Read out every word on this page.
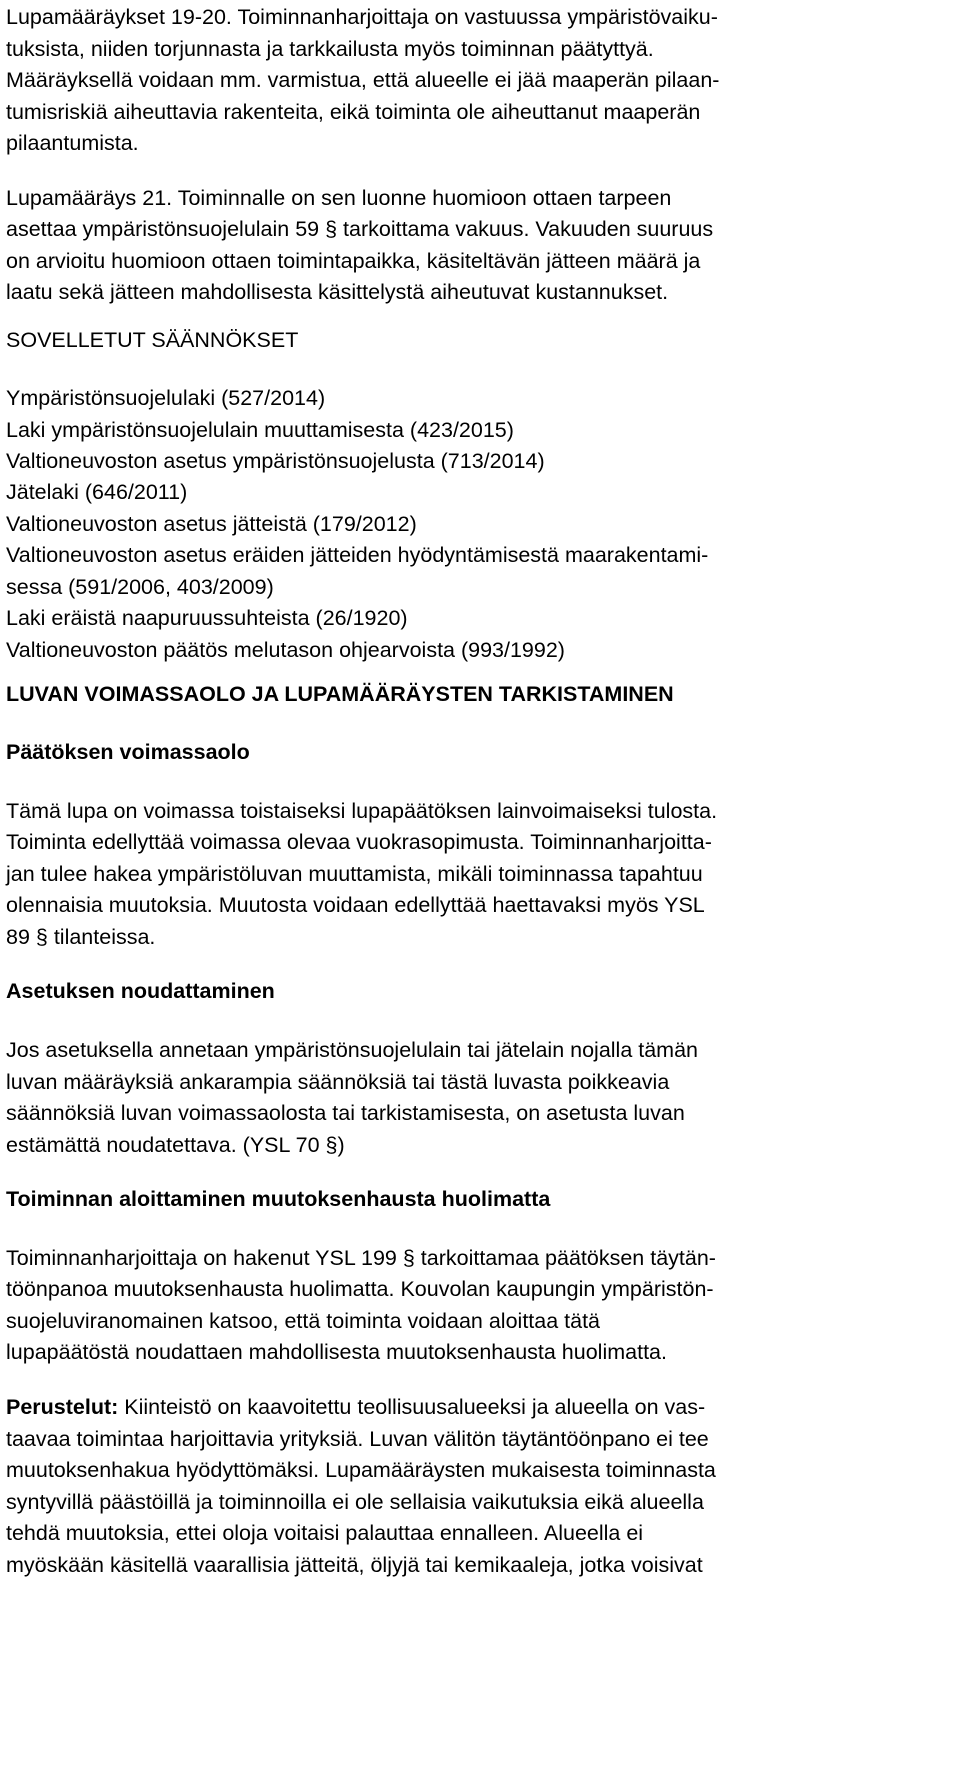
Lupamääräykset 19-20. Toiminnanharjoittaja on vastuussa ympäristövaiku-
tuksista, niiden torjunnasta ja tarkkailusta myös toiminnan päätyttyä.
Määräyksellä voidaan mm. varmistua, että alueelle ei jää maaperän pilaan-
tumisriskiä aiheuttavia rakenteita, eikä toiminta ole aiheuttanut maaperän
pilaantumista.
Lupamääräys 21. Toiminnalle on sen luonne huomioon ottaen tarpeen
asettaa ympäristönsuojelulain 59 § tarkoittama vakuus. Vakuuden suuruus
on arvioitu huomioon ottaen toimintapaikka, käsiteltävän jätteen määrä ja
laatu sekä jätteen mahdollisesta käsittelystä aiheutuvat kustannukset.
SOVELLETUT SÄÄNNÖKSET
Ympäristönsuojelulaki (527/2014)
Laki ympäristönsuojelulain muuttamisesta (423/2015)
Valtioneuvoston asetus ympäristönsuojelusta (713/2014)
Jätelaki (646/2011)
Valtioneuvoston asetus jätteistä (179/2012)
Valtioneuvoston asetus eräiden jätteiden hyödyntämisestä maarakentami-
sessa (591/2006, 403/2009)
Laki eräistä naapuruussuhteista (26/1920)
Valtioneuvoston päätös melutason ohjearvoista (993/1992)
LUVAN VOIMASSAOLO JA LUPAMÄÄRÄYSTEN TARKISTAMINEN
Päätöksen voimassaolo
Tämä lupa on voimassa toistaiseksi lupapäätöksen lainvoimaiseksi tulosta.
Toiminta edellyttää voimassa olevaa vuokrasopimusta. Toiminnanharjoitta-
jan tulee hakea ympäristöluvan muuttamista, mikäli toiminnassa tapahtuu
olennaisia muutoksia. Muutosta voidaan edellyttää haettavaksi myös YSL
89 § tilanteissa.
Asetuksen noudattaminen
Jos asetuksella annetaan ympäristönsuojelulain tai jätelain nojalla tämän
luvan määräyksiä ankarampia säännöksiä tai tästä luvasta poikkeavia
säännöksiä luvan voimassaolosta tai tarkistamisesta, on asetusta luvan
estämättä noudatettava. (YSL 70 §)
Toiminnan aloittaminen muutoksenhausta huolimatta
Toiminnanharjoittaja on hakenut YSL 199 § tarkoittamaa päätöksen täytän-
töönpanoa muutoksenhausta huolimatta. Kouvolan kaupungin ympäristön-
suojeluviranomainen katsoo, että toiminta voidaan aloittaa tätä
lupapäätöstä noudattaen mahdollisesta muutoksenhausta huolimatta.
Perustelut: Kiinteistö on kaavoitettu teollisuusalueeksi ja alueella on vas-
taavaa toimintaa harjoittavia yrityksiä. Luvan välitön täytäntöönpano ei tee
muutoksenhakua hyödyttömäksi. Lupamääräysten mukaisesta toiminnasta
syntyvillä päästöillä ja toiminnoilla ei ole sellaisia vaikutuksia eikä alueella
tehdä muutoksia, ettei oloja voitaisi palauttaa ennalleen. Alueella ei
myöskään käsitellä vaarallisia jätteitä, öljyjä tai kemikaaleja, jotka voisivat
